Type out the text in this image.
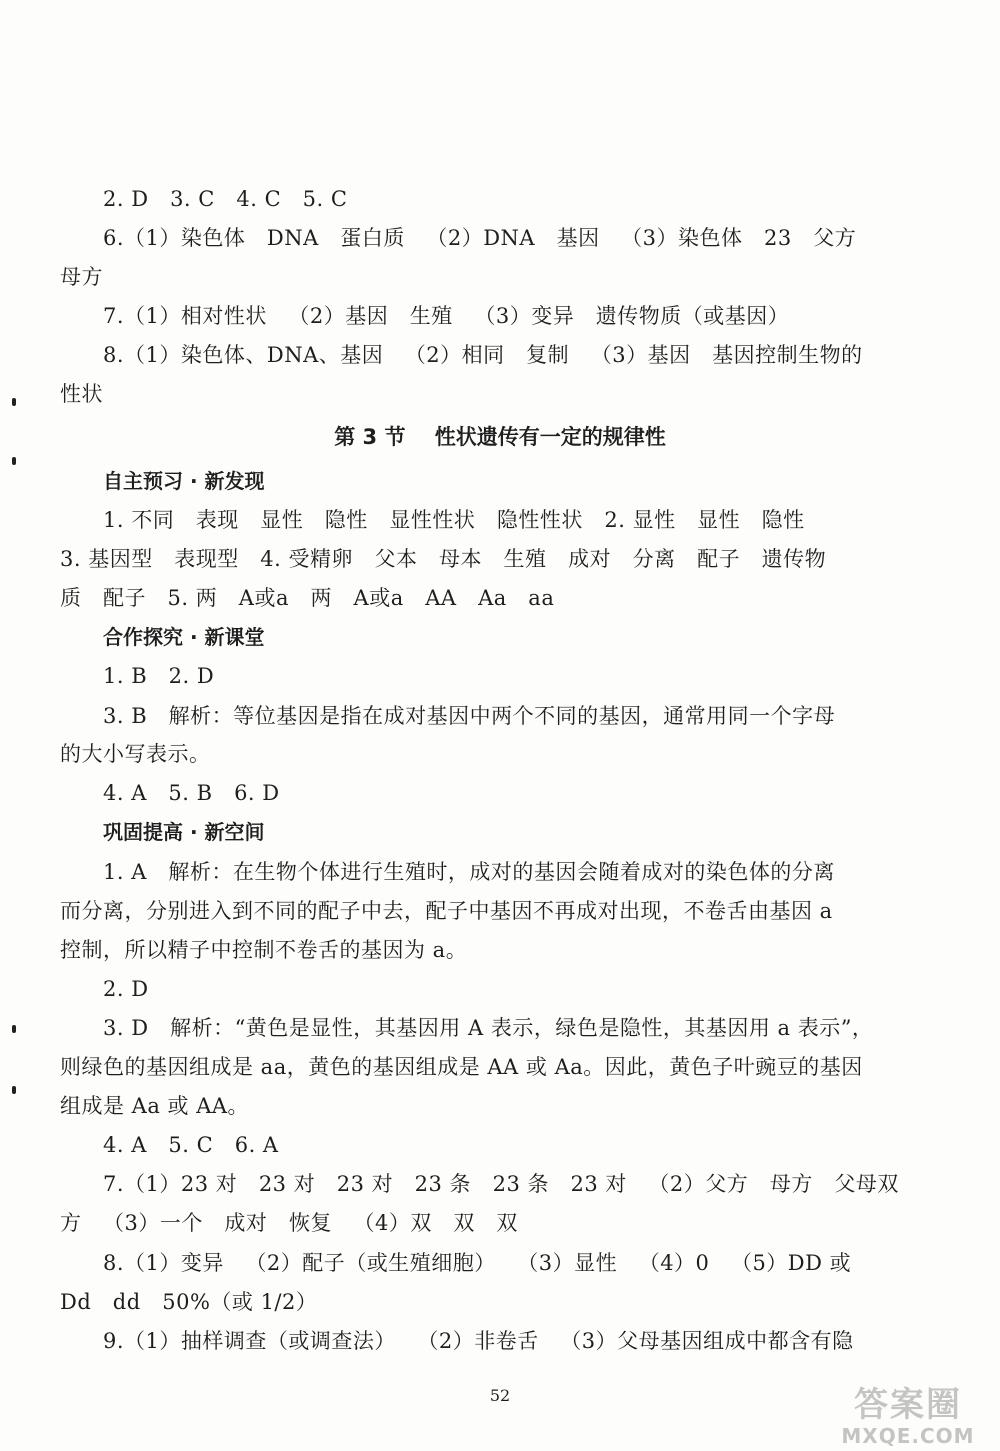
2. D   3. C   4. C   5. C
6.（1）染色体   DNA   蛋白质   （2）DNA   基因   （3）染色体   23   父方
母方
7.（1）相对性状   （2）基因   生殖   （3）变异   遗传物质（或基因）
8.（1）染色体、DNA、基因   （2）相同   复制   （3）基因   基因控制生物的
性状
第 3 节    性状遗传有一定的规律性
自主预习 · 新发现
1. 不同   表现   显性   隐性   显性性状   隐性性状   2. 显性   显性   隐性
3. 基因型   表现型   4. 受精卵   父本   母本   生殖   成对   分离   配子   遗传物
质   配子   5. 两   A或a   两   A或a   AA   Aa   aa
合作探究 · 新课堂
1. B   2. D
3. B   解析：等位基因是指在成对基因中两个不同的基因，通常用同一个字母
的大小写表示。
4. A   5. B   6. D
巩固提高 · 新空间
1. A   解析：在生物个体进行生殖时，成对的基因会随着成对的染色体的分离
而分离，分别进入到不同的配子中去，配子中基因不再成对出现，不卷舌由基因 a
控制，所以精子中控制不卷舌的基因为 a。
2. D
3. D   解析：“黄色是显性，其基因用 A 表示，绿色是隐性，其基因用 a 表示”，
则绿色的基因组成是 aa，黄色的基因组成是 AA 或 Aa。因此，黄色子叶豌豆的基因
组成是 Aa 或 AA。
4. A   5. C   6. A
7.（1）23 对   23 对   23 对   23 条   23 条   23 对   （2）父方   母方   父母双
方   （3）一个   成对   恢复   （4）双   双   双
8.（1）变异   （2）配子（或生殖细胞）   （3）显性   （4）0   （5）DD 或
Dd   dd   50%（或 1/2）
9.（1）抽样调查（或调查法）   （2）非卷舌   （3）父母基因组成中都含有隐
52	答案圈
MXQE.COM
